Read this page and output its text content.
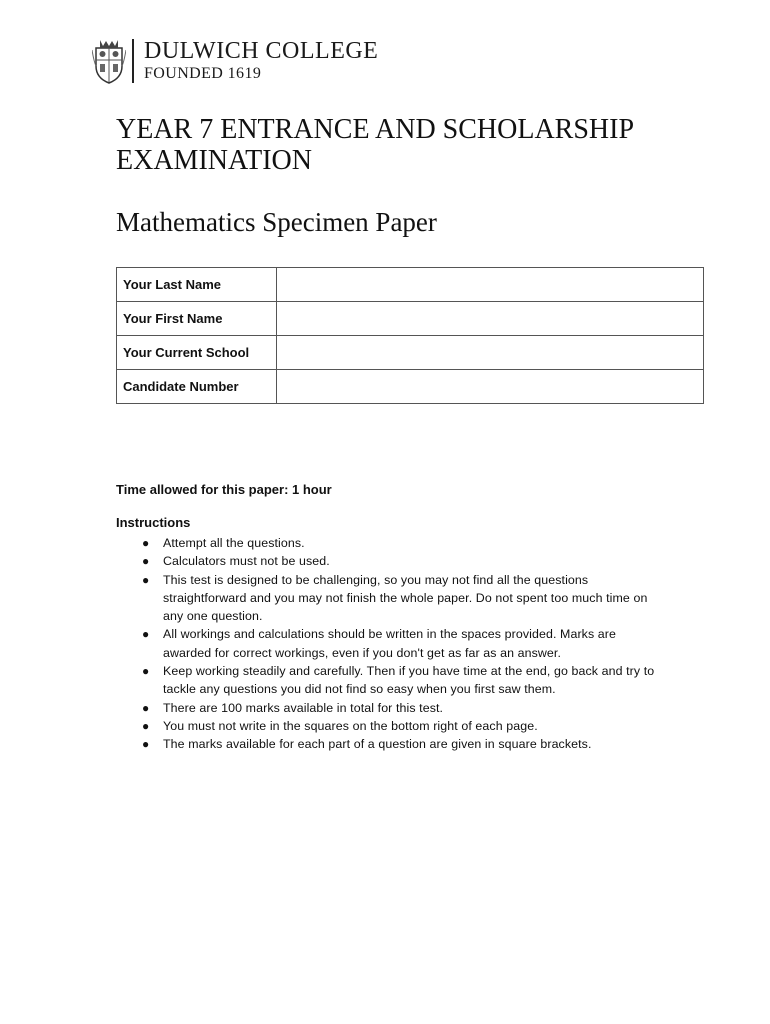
DULWICH COLLEGE
FOUNDED 1619
YEAR 7 ENTRANCE AND SCHOLARSHIP EXAMINATION
Mathematics Specimen Paper
Your Last Name	
Your First Name	
Your Current School	
Candidate Number	
Time allowed for this paper: 1 hour
Instructions
● Attempt all the questions.
● Calculators must not be used.
● This test is designed to be challenging, so you may not find all the questions straightforward and you may not finish the whole paper. Do not spent too much time on any one question.
● All workings and calculations should be written in the spaces provided. Marks are awarded for correct workings, even if you don't get as far as an answer.
● Keep working steadily and carefully. Then if you have time at the end, go back and try to tackle any questions you did not find so easy when you first saw them.
● There are 100 marks available in total for this test.
● You must not write in the squares on the bottom right of each page.
● The marks available for each part of a question are given in square brackets.
